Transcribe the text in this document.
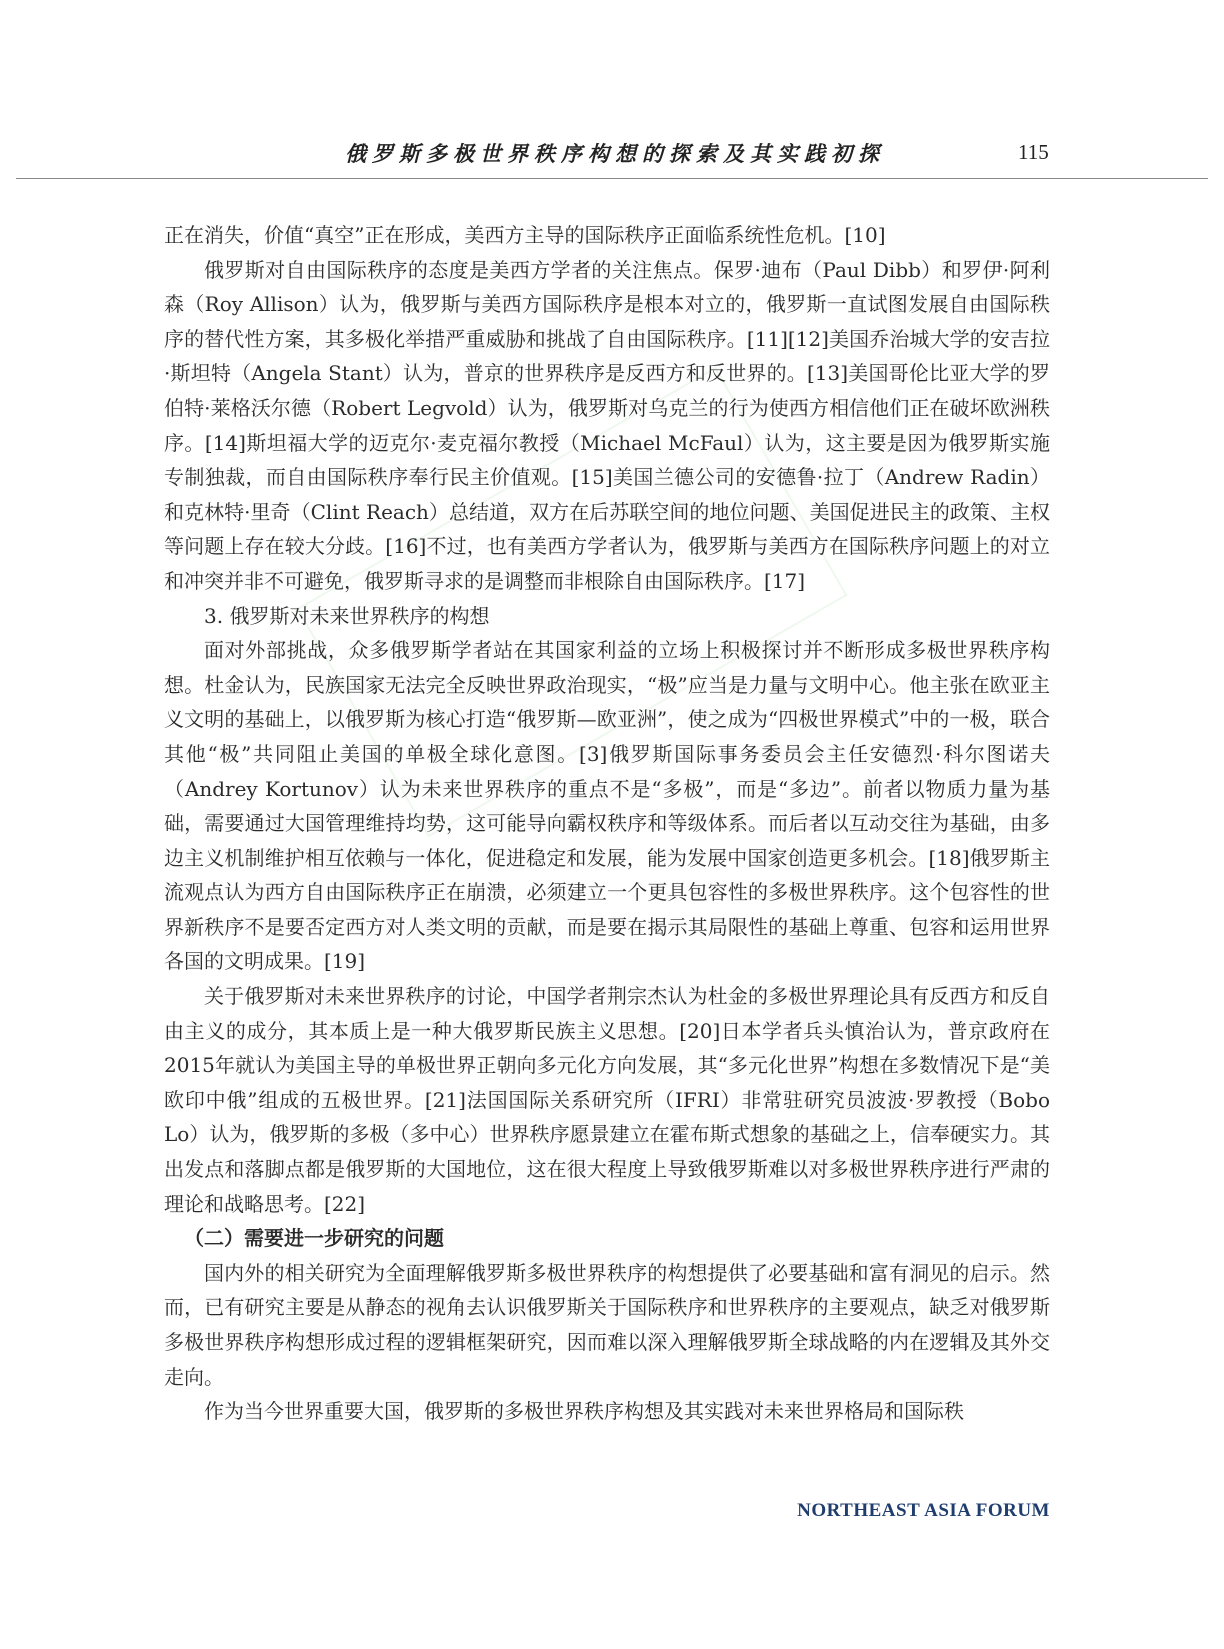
俄罗斯多极世界秩序构想的探索及其实践初探	115

正在消失，价值“真空”正在形成，美西方主导的国际秩序正面临系统性危机。[10]

俄罗斯对自由国际秩序的态度是美西方学者的关注焦点。保罗·迪布（Paul Dibb）和罗伊·阿利森（Roy Allison）认为，俄罗斯与美西方国际秩序是根本对立的，俄罗斯一直试图发展自由国际秩序的替代性方案，其多极化举措严重威胁和挑战了自由国际秩序。[11][12]美国乔治城大学的安吉拉·斯坦特（Angela Stant）认为，普京的世界秩序是反西方和反世界的。[13]美国哥伦比亚大学的罗伯特·莱格沃尔德（Robert Legvold）认为，俄罗斯对乌克兰的行为使西方相信他们正在破坏欧洲秩序。[14]斯坦福大学的迈克尔·麦克福尔教授（Michael McFaul）认为，这主要是因为俄罗斯实施专制独裁，而自由国际秩序奉行民主价值观。[15]美国兰德公司的安德鲁·拉丁（Andrew Radin）和克林特·里奇（Clint Reach）总结道，双方在后苏联空间的地位问题、美国促进民主的政策、主权等问题上存在较大分歧。[16]不过，也有美西方学者认为，俄罗斯与美西方在国际秩序问题上的对立和冲突并非不可避免，俄罗斯寻求的是调整而非根除自由国际秩序。[17]

3. 俄罗斯对未来世界秩序的构想

面对外部挑战，众多俄罗斯学者站在其国家利益的立场上积极探讨并不断形成多极世界秩序构想。杜金认为，民族国家无法完全反映世界政治现实，“极”应当是力量与文明中心。他主张在欧亚主义文明的基础上，以俄罗斯为核心打造“俄罗斯—欧亚洲”，使之成为“四极世界模式”中的一极，联合其他“极”共同阻止美国的单极全球化意图。[3]俄罗斯国际事务委员会主任安德烈·科尔图诺夫（Andrey Kortunov）认为未来世界秩序的重点不是“多极”，而是“多边”。前者以物质力量为基础，需要通过大国管理维持均势，这可能导向霸权秩序和等级体系。而后者以互动交往为基础，由多边主义机制维护相互依赖与一体化，促进稳定和发展，能为发展中国家创造更多机会。[18]俄罗斯主流观点认为西方自由国际秩序正在崩溃，必须建立一个更具包容性的多极世界秩序。这个包容性的世界新秩序不是要否定西方对人类文明的贡献，而是要在揭示其局限性的基础上尊重、包容和运用世界各国的文明成果。[19]

关于俄罗斯对未来世界秩序的讨论，中国学者荆宗杰认为杜金的多极世界理论具有反西方和反自由主义的成分，其本质上是一种大俄罗斯民族主义思想。[20]日本学者兵头慎治认为，普京政府在2015年就认为美国主导的单极世界正朝向多元化方向发展，其“多元化世界”构想在多数情况下是“美欧印中俄”组成的五极世界。[21]法国国际关系研究所（IFRI）非常驻研究员波波·罗教授（Bobo Lo）认为，俄罗斯的多极（多中心）世界秩序愿景建立在霍布斯式想象的基础之上，信奉硬实力。其出发点和落脚点都是俄罗斯的大国地位，这在很大程度上导致俄罗斯难以对多极世界秩序进行严肃的理论和战略思考。[22]

（二）需要进一步研究的问题

国内外的相关研究为全面理解俄罗斯多极世界秩序的构想提供了必要基础和富有洞见的启示。然而，已有研究主要是从静态的视角去认识俄罗斯关于国际秩序和世界秩序的主要观点，缺乏对俄罗斯多极世界秩序构想形成过程的逻辑框架研究，因而难以深入理解俄罗斯全球战略的内在逻辑及其外交走向。

作为当今世界重要大国，俄罗斯的多极世界秩序构想及其实践对未来世界格局和国际秩

NORTHEAST ASIA FORUM
